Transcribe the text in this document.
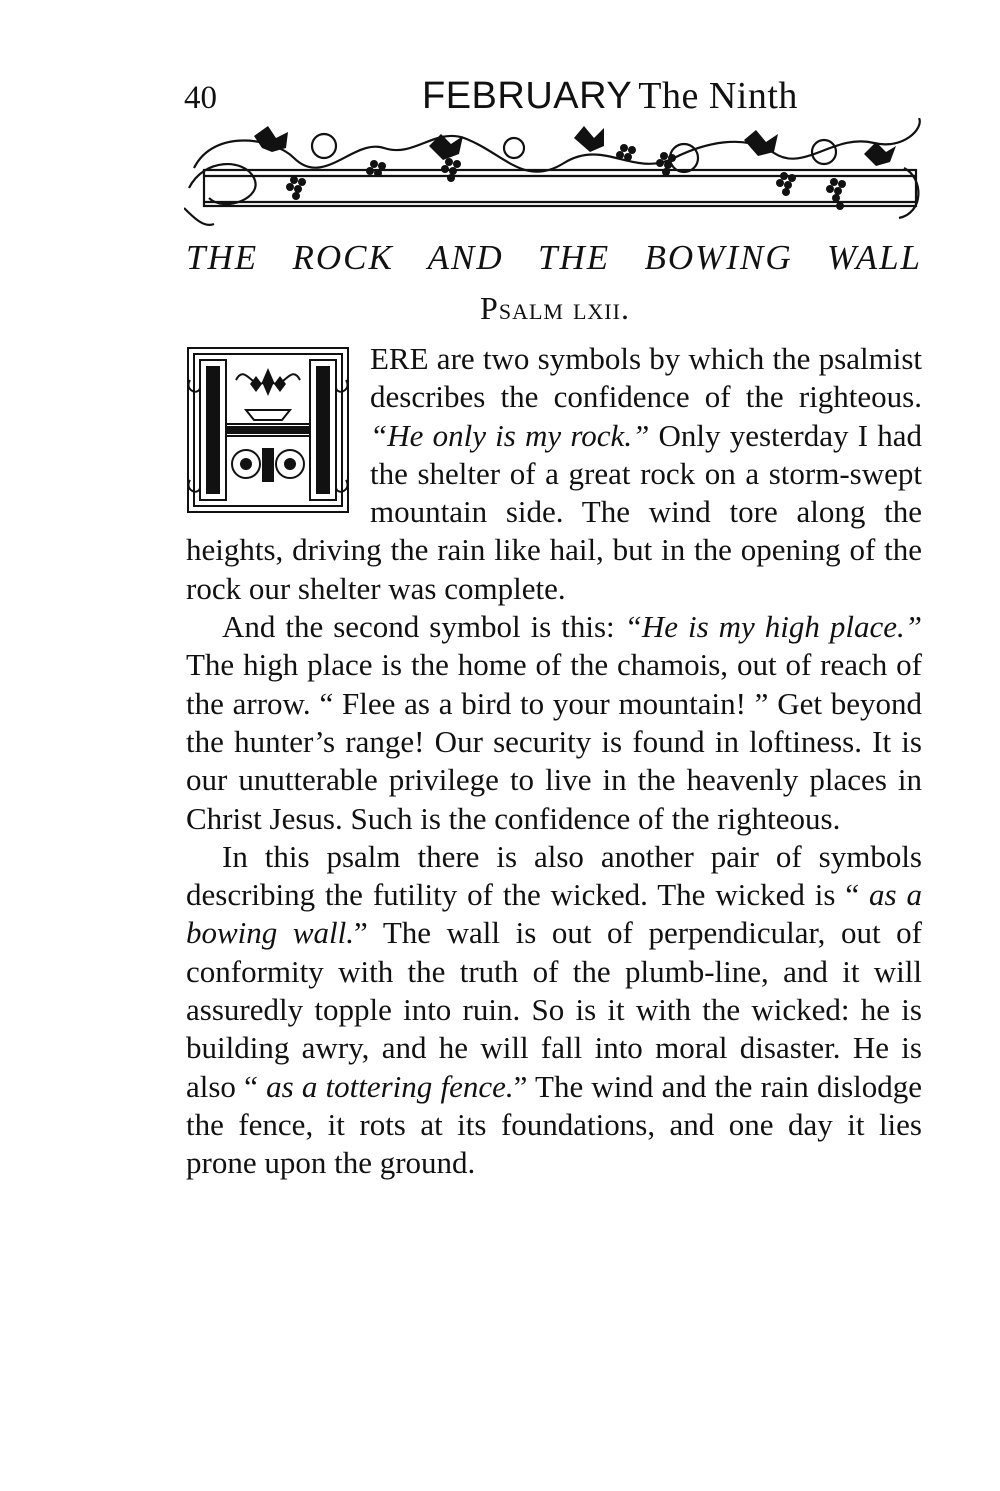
40	FEBRUARY The Ninth
THE ROCK AND THE BOWING WALL
Psalm lxii.

ERE are two symbols by which the psalmist describes the confidence of the righteous. “He only is my rock.” Only yesterday I had the shelter of a great rock on a storm-swept mountain side. The wind tore along the heights, driving the rain like hail, but in the opening of the rock our shelter was complete.

And the second symbol is this: “He is my high place.” The high place is the home of the chamois, out of reach of the arrow. “ Flee as a bird to your mountain! ” Get beyond the hunter’s range! Our security is found in loftiness. It is our unutterable privilege to live in the heavenly places in Christ Jesus. Such is the confidence of the righteous.

In this psalm there is also another pair of symbols describing the futility of the wicked. The wicked is “ as a bowing wall.” The wall is out of perpendicular, out of conformity with the truth of the plumb-line, and it will assuredly topple into ruin. So is it with the wicked: he is building awry, and he will fall into moral disaster. He is also “ as a tottering fence.” The wind and the rain dislodge the fence, it rots at its foundations, and one day it lies prone upon the ground.
